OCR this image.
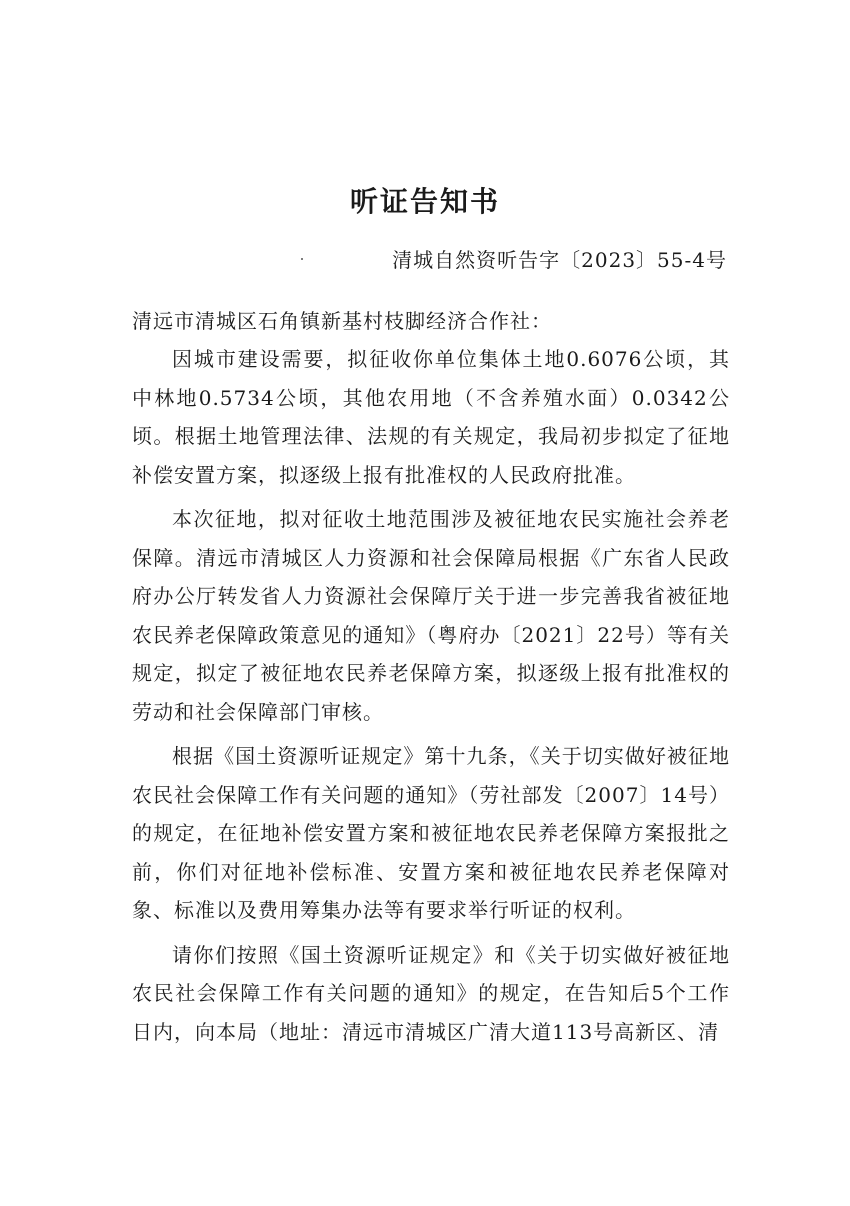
听证告知书
清城自然资听告字〔2023〕55-4号
清远市清城区石角镇新基村枝脚经济合作社：

因城市建设需要，拟征收你单位集体土地0.6076公顷，其中林地0.5734公顷，其他农用地（不含养殖水面）0.0342公顷。根据土地管理法律、法规的有关规定，我局初步拟定了征地补偿安置方案，拟逐级上报有批准权的人民政府批准。

本次征地，拟对征收土地范围涉及被征地农民实施社会养老保障。清远市清城区人力资源和社会保障局根据《广东省人民政府办公厅转发省人力资源社会保障厅关于进一步完善我省被征地农民养老保障政策意见的通知》（粤府办〔2021〕22号）等有关规定，拟定了被征地农民养老保障方案，拟逐级上报有批准权的劳动和社会保障部门审核。

根据《国土资源听证规定》第十九条，《关于切实做好被征地农民社会保障工作有关问题的通知》（劳社部发〔2007〕14号）的规定，在征地补偿安置方案和被征地农民养老保障方案报批之前，你们对征地补偿标准、安置方案和被征地农民养老保障对象、标准以及费用筹集办法等有要求举行听证的权利。

请你们按照《国土资源听证规定》和《关于切实做好被征地农民社会保障工作有关问题的通知》的规定，在告知后5个工作日内，向本局（地址：清远市清城区广清大道113号高新区、清
